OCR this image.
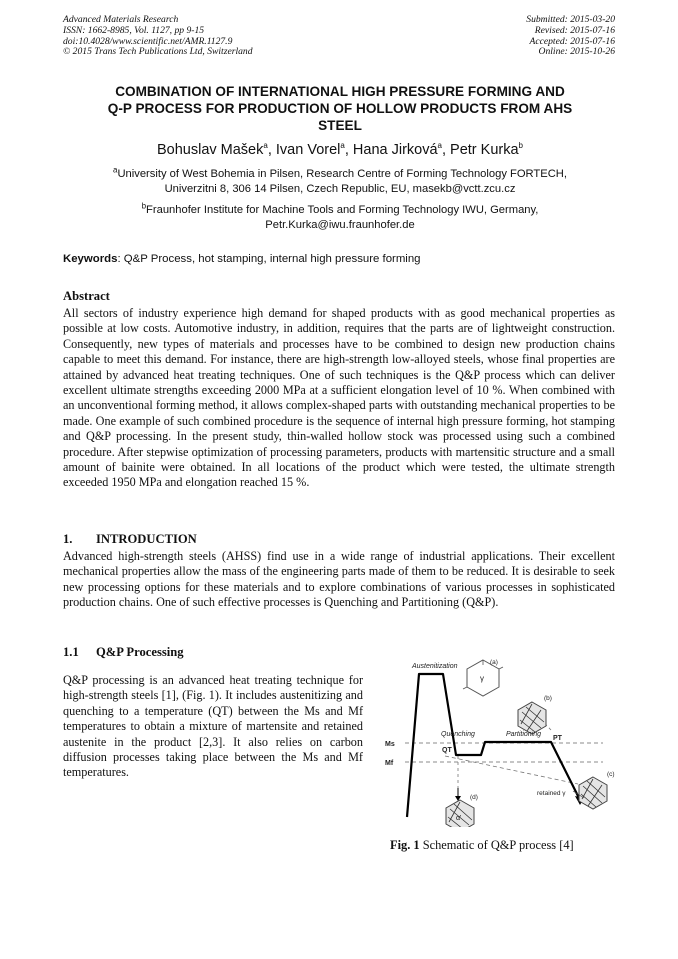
Advanced Materials Research
ISSN: 1662-8985, Vol. 1127, pp 9-15
doi:10.4028/www.scientific.net/AMR.1127.9
© 2015 Trans Tech Publications Ltd, Switzerland
Submitted: 2015-03-20
Revised: 2015-07-16
Accepted: 2015-07-16
Online: 2015-10-26
COMBINATION OF INTERNATIONAL HIGH PRESSURE FORMING AND
Q-P PROCESS FOR PRODUCTION OF HOLLOW PRODUCTS FROM AHS
STEEL
Bohuslav Mašek$^a$, Ivan Vorel$^a$, Hana Jirková$^a$, Petr Kurka$^b$
$^a$University of West Bohemia in Pilsen, Research Centre of Forming Technology FORTECH,
Univerzitni 8, 306 14 Pilsen, Czech Republic, EU, masekb@vctt.zcu.cz
$^b$Fraunhofer Institute for Machine Tools and Forming Technology IWU, Germany,
Petr.Kurka@iwu.fraunhofer.de
Keywords: Q&P Process, hot stamping, internal high pressure forming
Abstract
All sectors of industry experience high demand for shaped products with as good mechanical properties as possible at low costs. Automotive industry, in addition, requires that the parts are of lightweight construction. Consequently, new types of materials and processes have to be combined to design new production chains capable to meet this demand. For instance, there are high-strength low-alloyed steels, whose final properties are attained by advanced heat treating techniques. One of such techniques is the Q&P process which can deliver excellent ultimate strengths exceeding 2000 MPa at a sufficient elongation level of 10 %. When combined with an unconventional forming method, it allows complex-shaped parts with outstanding mechanical properties to be made. One example of such combined procedure is the sequence of internal high pressure forming, hot stamping and Q&P processing. In the present study, thin-walled hollow stock was processed using such a combined procedure. After stepwise optimization of processing parameters, products with martensitic structure and a small amount of bainite were obtained. In all locations of the product which were tested, the ultimate strength exceeded 1950 MPa and elongation reached 15 %.
1. INTRODUCTION
Advanced high-strength steels (AHSS) find use in a wide range of industrial applications. Their excellent mechanical properties allow the mass of the engineering parts made of them to be reduced. It is desirable to seek new processing options for these materials and to explore combinations of various processes in sophisticated production chains. One of such effective processes is Quenching and Partitioning (Q&P).
1.1 Q&P Processing
Q&P processing is an advanced heat treating technique for high-strength steels [1], (Fig. 1). It includes austenitizing and quenching to a temperature (QT) between the Ms and Mf temperatures to obtain a mixture of martensite and retained austenite in the product [2,3]. It also relies on carbon diffusion processes taking place between the Ms and Mf temperatures.
Austenitization
Quenching	Partitioning
Ms
Mf
QT
PT
γ
α'
retained γ
(a)
(b)
(c)
(d)
Fig. 1 Schematic of Q&P process [4]
